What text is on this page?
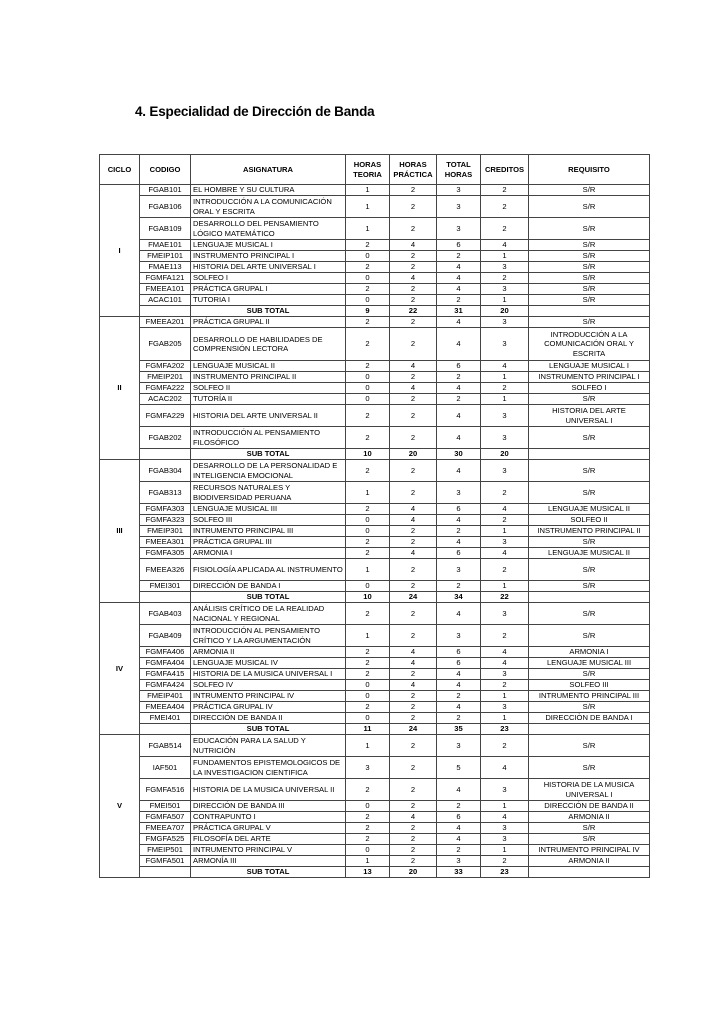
4. Especialidad de Dirección de Banda
CICLO	CODIGO	ASIGNATURA	HORAS TEORIA	HORAS PRÁCTICA	TOTAL HORAS	CREDITOS	REQUISITO
I	FGAB101	EL HOMBRE Y SU CULTURA	1	2	3	2	S/R
	FGAB106	INTRODUCCIÓN A LA COMUNICACIÓN ORAL Y ESCRITA	1	2	3	2	S/R
	FGAB109	DESARROLLO DEL PENSAMIENTO LÓGICO MATEMÁTICO	1	2	3	2	S/R
	FMAE101	LENGUAJE MUSICAL I	2	4	6	4	S/R
	FMEIP101	INSTRUMENTO PRINCIPAL I	0	2	2	1	S/R
	FMAE113	HISTORIA DEL ARTE UNIVERSAL I	2	2	4	3	S/R
	FGMFA121	SOLFEO I	0	4	4	2	S/R
	FMEEA101	PRÁCTICA GRUPAL I	2	2	4	3	S/R
	ACAC101	TUTORIA I	0	2	2	1	S/R
		SUB TOTAL	9	22	31	20	
II	FMEEA201	PRÁCTICA GRUPAL II	2	2	4	3	S/R
	FGAB205	DESARROLLO DE HABILIDADES DE COMPRENSIÓN LECTORA	2	2	4	3	INTRODUCCIÓN A LA COMUNICACIÓN ORAL Y ESCRITA
	FGMFA202	LENGUAJE MUSICAL II	2	4	6	4	LENGUAJE MUSICAL I
	FMEIP201	INSTRUMENTO PRINCIPAL II	0	2	2	1	INSTRUMENTO PRINCIPAL I
	FGMFA222	SOLFEO II	0	4	4	2	SOLFEO I
	ACAC202	TUTORÍA II	0	2	2	1	S/R
	FGMFA229	HISTORIA DEL ARTE UNIVERSAL II	2	2	4	3	HISTORIA DEL ARTE UNIVERSAL I
	FGAB202	INTRODUCCIÓN AL PENSAMIENTO FILOSÓFICO	2	2	4	3	S/R
		SUB TOTAL	10	20	30	20	
III	FGAB304	DESARROLLO DE LA PERSONALIDAD E INTELIGENCIA EMOCIONAL	2	2	4	3	S/R
	FGAB313	RECURSOS NATURALES Y BIODIVERSIDAD PERUANA	1	2	3	2	S/R
	FGMFA303	LENGUAJE MUSICAL III	2	4	6	4	LENGUAJE MUSICAL II
	FGMFA323	SOLFEO III	0	4	4	2	SOLFEO II
	FMEIP301	INTRUMENTO PRINCIPAL III	0	2	2	1	INSTRUMENTO PRINCIPAL II
	FMEEA301	PRÁCTICA GRUPAL III	2	2	4	3	S/R
	FGMFA305	ARMONIA I	2	4	6	4	LENGUAJE MUSICAL II
	FMEEA326	FISIOLOGÍA APLICADA AL INSTRUMENTO	1	2	3	2	S/R
	FMEI301	DIRECCIÓN DE BANDA I	0	2	2	1	S/R
		SUB TOTAL	10	24	34	22	
IV	FGAB403	ANÁLISIS CRÍTICO DE LA REALIDAD NACIONAL Y REGIONAL	2	2	4	3	S/R
	FGAB409	INTRODUCCIÓN AL PENSAMIENTO CRÍTICO Y LA ARGUMENTACIÓN	1	2	3	2	S/R
	FGMFA406	ARMONIA II	2	4	6	4	ARMONIA I
	FGMFA404	LENGUAJE MUSICAL IV	2	4	6	4	LENGUAJE MUSICAL III
	FGMFA415	HISTORIA DE LA MUSICA UNIVERSAL I	2	2	4	3	S/R
	FGMFA424	SOLFEO IV	0	4	4	2	SOLFEO III
	FMEIP401	INTRUMENTO PRINCIPAL IV	0	2	2	1	INTRUMENTO PRINCIPAL III
	FMEEA404	PRÁCTICA GRUPAL IV	2	2	4	3	S/R
	FMEI401	DIRECCIÓN DE BANDA II	0	2	2	1	DIRECCIÒN DE BANDA I
		SUB TOTAL	11	24	35	23	
V	FGAB514	EDUCACIÓN PARA LA SALUD Y NUTRICIÓN	1	2	3	2	S/R
	IAF501	FUNDAMENTOS EPISTEMOLOGICOS DE LA INVESTIGACION CIENTIFICA	3	2	5	4	S/R
	FGMFA516	HISTORIA DE LA MUSICA UNIVERSAL II	2	2	4	3	HISTORIA DE LA MUSICA UNIVERSAL I
	FMEI501	DIRECCIÓN DE BANDA III	0	2	2	1	DIRECCIÓN DE BANDA II
	FGMFA507	CONTRAPUNTO I	2	4	6	4	ARMONIA II
	FMEEA707	PRÁCTICA GRUPAL V	2	2	4	3	S/R
	FMGFA525	FILOSOFÍA DEL ARTE	2	2	4	3	S/R
	FMEIP501	INTRUMENTO PRINCIPAL V	0	2	2	1	INTRUMENTO PRINCIPAL IV
	FGMFA501	ARMONÍA III	1	2	3	2	ARMONIA II
		SUB TOTAL	13	20	33	23	
